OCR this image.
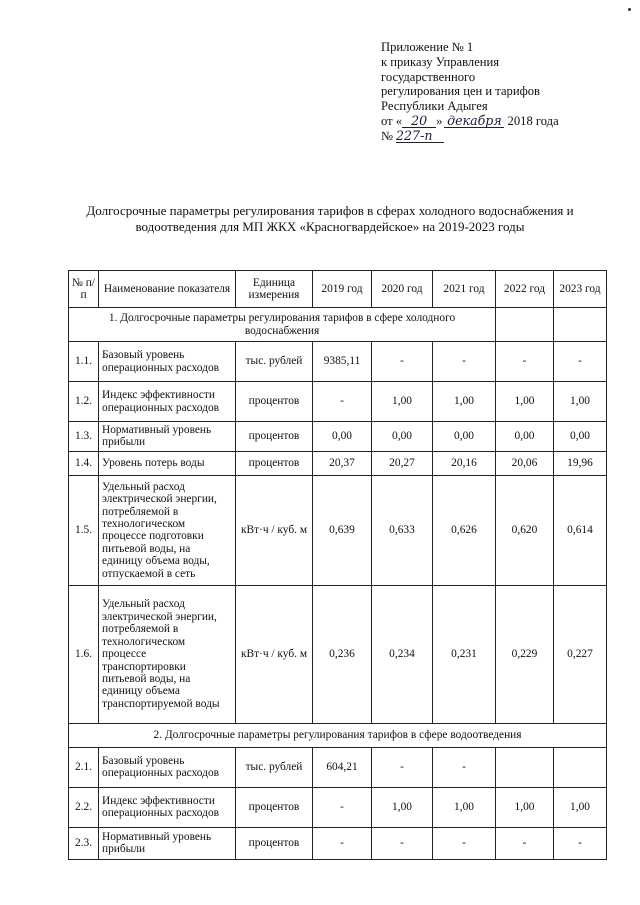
Приложение № 1
к приказу Управления
государственного
регулирования цен и тарифов
Республики Адыгея
от « 20 » декабря 2018 года
№ 227-п
Долгосрочные параметры регулирования тарифов в сферах холодного водоснабжения и водоотведения для МП ЖКХ «Красногвардейское» на 2019-2023 годы
№ п/п	Наименование показателя	Единица измерения	2019 год	2020 год	2021 год	2022 год	2023 год
1. Долгосрочные параметры регулирования тарифов в сфере холодного водоснабжения							
1.1.	Базовый уровень операционных расходов	тыс. рублей	9385,11	-	-	-	-
1.2.	Индекс эффективности операционных расходов	процентов	-	1,00	1,00	1,00	1,00
1.3.	Нормативный уровень прибыли	процентов	0,00	0,00	0,00	0,00	0,00
1.4.	Уровень потерь воды	процентов	20,37	20,27	20,16	20,06	19,96
1.5.	Удельный расход электрической энергии, потребляемой в технологическом процессе подготовки питьевой воды, на единицу объема воды, отпускаемой в сеть	кВт·ч / куб. м	0,639	0,633	0,626	0,620	0,614
1.6.	Удельный расход электрической энергии, потребляемой в технологическом процессе транспортировки питьевой воды, на единицу объема транспортируемой воды	кВт·ч / куб. м	0,236	0,234	0,231	0,229	0,227
2. Долгосрочные параметры регулирования тарифов в сфере водоотведения							
2.1.	Базовый уровень операционных расходов	тыс. рублей	604,21	-	-		
2.2.	Индекс эффективности операционных расходов	процентов	-	1,00	1,00	1,00	1,00
2.3.	Нормативный уровень прибыли	процентов	-	-	-	-	-
